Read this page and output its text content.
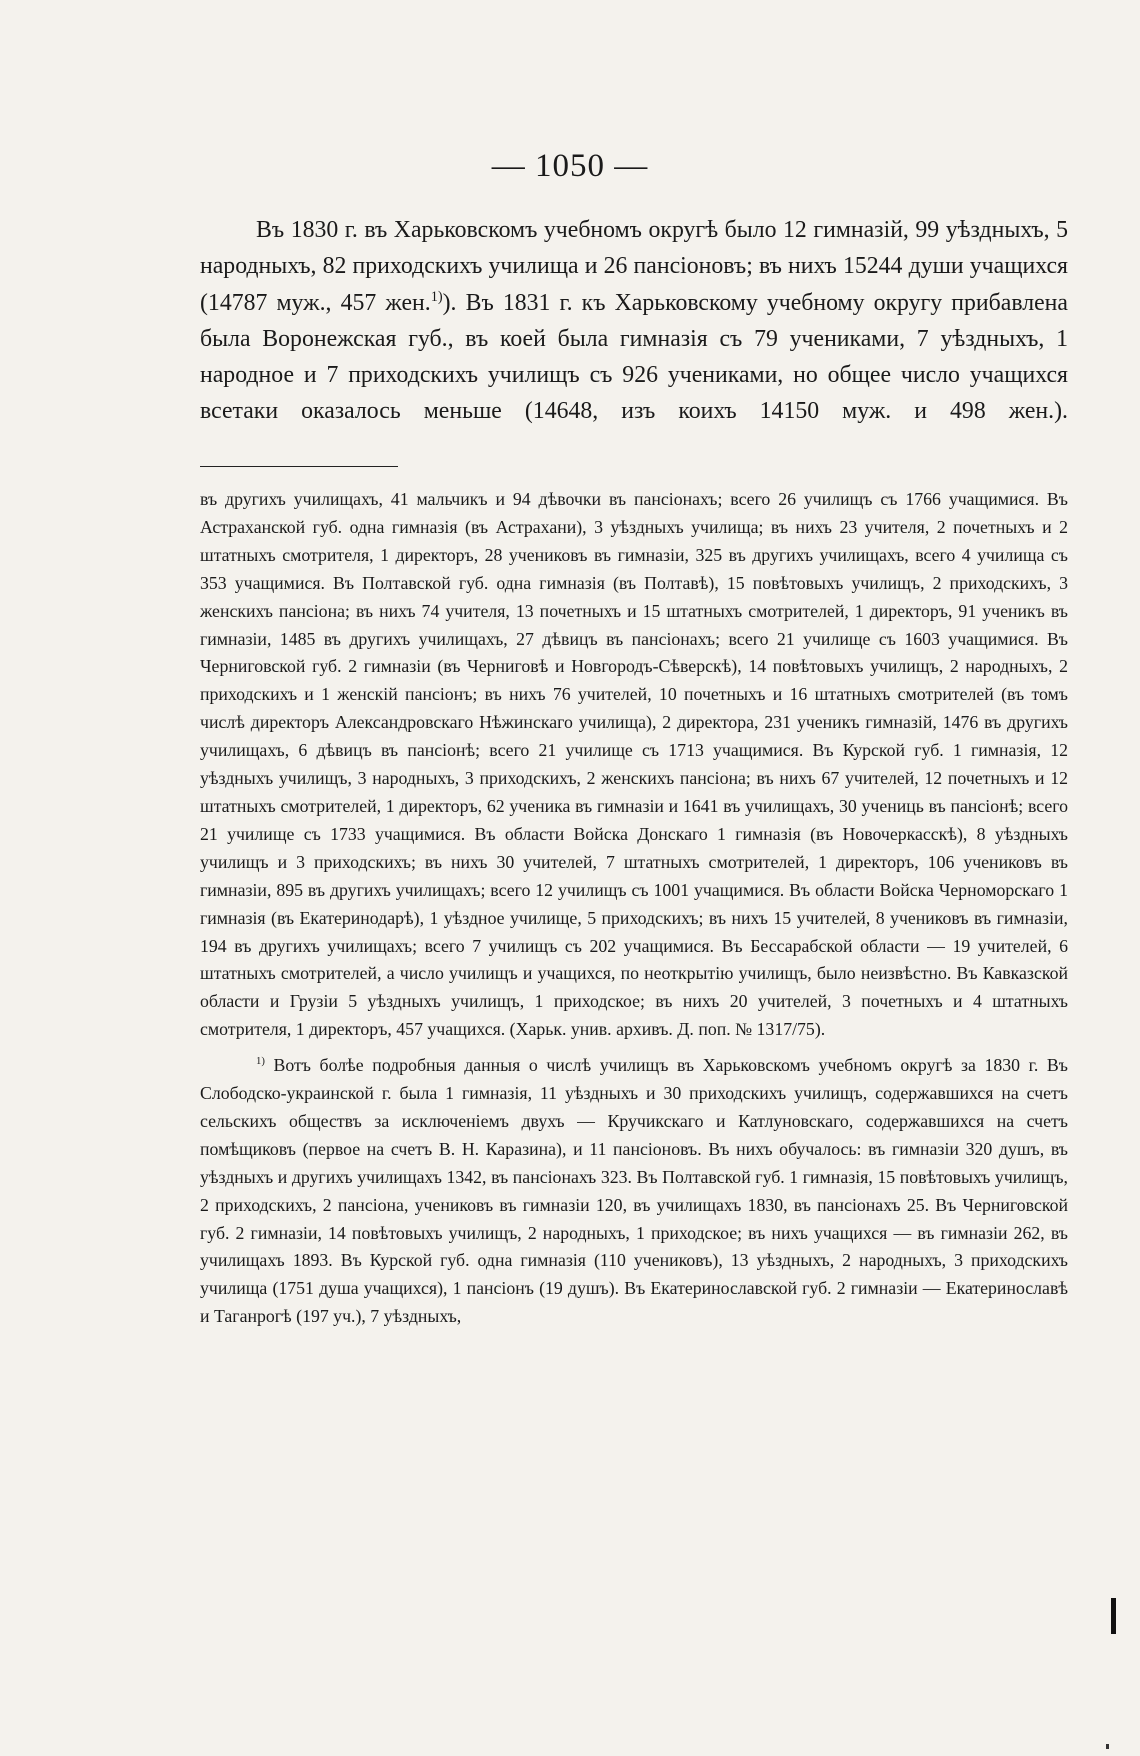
— 1050 —

Въ 1830 г. въ Харьковскомъ учебномъ округѣ было 12 гимназій, 99 уѣздныхъ, 5 народныхъ, 82 приходскихъ училища и 26 пансіоновъ; въ нихъ 15244 души учащихся (14787 муж., 457 жен.$^{1)}$). Въ 1831 г. къ Харьковскому учебному округу прибавлена была Воронежская губ., въ коей была гимназія съ 79 учениками, 7 уѣздныхъ, 1 народное и 7 приходскихъ училищъ съ 926 учениками, но общее число учащихся всетаки оказалось меньше (14648, изъ коихъ 14150 муж. и 498 жен.).

въ другихъ училищахъ, 41 мальчикъ и 94 дѣвочки въ пансіонахъ; всего 26 училищъ съ 1766 учащимися. Въ Астраханской губ. одна гимназія (въ Астрахани), 3 уѣздныхъ училища; въ нихъ 23 учителя, 2 почетныхъ и 2 штатныхъ смотрителя, 1 директоръ, 28 учениковъ въ гимназіи, 325 въ другихъ училищахъ, всего 4 училища съ 353 учащимися. Въ Полтавской губ. одна гимназія (въ Полтавѣ), 15 повѣтовыхъ училищъ, 2 приходскихъ, 3 женскихъ пансіона; въ нихъ 74 учителя, 13 почетныхъ и 15 штатныхъ смотрителей, 1 директоръ, 91 ученикъ въ гимназіи, 1485 въ другихъ училищахъ, 27 дѣвицъ въ пансіонахъ; всего 21 училище съ 1603 учащимися. Въ Черниговской губ. 2 гимназіи (въ Черниговѣ и Новгородъ-Сѣверскѣ), 14 повѣтовыхъ училищъ, 2 народныхъ, 2 приходскихъ и 1 женскій пансіонъ; въ нихъ 76 учителей, 10 почетныхъ и 16 штатныхъ смотрителей (въ томъ числѣ директоръ Александровскаго Нѣжинскаго училища), 2 директора, 231 ученикъ гимназій, 1476 въ другихъ училищахъ, 6 дѣвицъ въ пансіонѣ; всего 21 училище съ 1713 учащимися. Въ Курской губ. 1 гимназія, 12 уѣздныхъ училищъ, 3 народныхъ, 3 приходскихъ, 2 женскихъ пансіона; въ нихъ 67 учителей, 12 почетныхъ и 12 штатныхъ смотрителей, 1 директоръ, 62 ученика въ гимназіи и 1641 въ училищахъ, 30 учениць въ пансіонѣ; всего 21 училище съ 1733 учащимися. Въ области Войска Донскаго 1 гимназія (въ Новочеркасскѣ), 8 уѣздныхъ училищъ и 3 приходскихъ; въ нихъ 30 учителей, 7 штатныхъ смотрителей, 1 директоръ, 106 учениковъ въ гимназіи, 895 въ другихъ училищахъ; всего 12 училищъ съ 1001 учащимися. Въ области Войска Черноморскаго 1 гимназія (въ Екатеринодарѣ), 1 уѣздное училище, 5 приходскихъ; въ нихъ 15 учителей, 8 учениковъ въ гимназіи, 194 въ другихъ училищахъ; всего 7 училищъ съ 202 учащимися. Въ Бессарабской области — 19 учителей, 6 штатныхъ смотрителей, а число училищъ и учащихся, по неоткрытію училищъ, было неизвѣстно. Въ Кавказской области и Грузіи 5 уѣздныхъ училищъ, 1 приходское; въ нихъ 20 учителей, 3 почетныхъ и 4 штатныхъ смотрителя, 1 директоръ, 457 учащихся. (Харьк. унив. архивъ. Д. поп. № 1317/75).

$^{1)}$ Вотъ болѣе подробныя данныя о числѣ училищъ въ Харьковскомъ учебномъ округѣ за 1830 г. Въ Слободско-украинской г. была 1 гимназія, 11 уѣздныхъ и 30 приходскихъ училищъ, содержавшихся на счетъ сельскихъ обществъ за исключеніемъ двухъ — Кручикскаго и Катлуновскаго, содержавшихся на счетъ помѣщиковъ (первое на счетъ В. Н. Каразина), и 11 пансіоновъ. Въ нихъ обучалось: въ гимназіи 320 душъ, въ уѣздныхъ и другихъ училищахъ 1342, въ пансіонахъ 323. Въ Полтавской губ. 1 гимназія, 15 повѣтовыхъ училищъ, 2 приходскихъ, 2 пансіона, учениковъ въ гимназіи 120, въ училищахъ 1830, въ пансіонахъ 25. Въ Черниговской губ. 2 гимназіи, 14 повѣтовыхъ училищъ, 2 народныхъ, 1 приходское; въ нихъ учащихся — въ гимназіи 262, въ училищахъ 1893. Въ Курской губ. одна гимназія (110 учениковъ), 13 уѣздныхъ, 2 народныхъ, 3 приходскихъ училища (1751 душа учащихся), 1 пансіонъ (19 душъ). Въ Екатеринославской губ. 2 гимназіи — Екатеринославѣ и Таганрогѣ (197 уч.), 7 уѣздныхъ,
